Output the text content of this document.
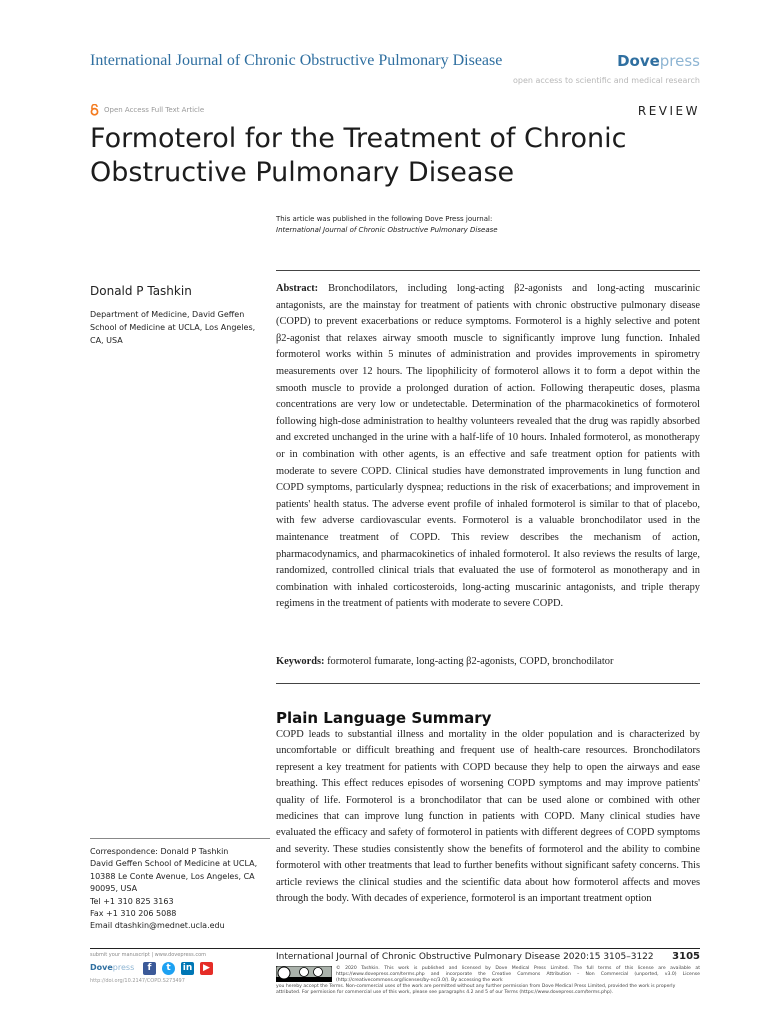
International Journal of Chronic Obstructive Pulmonary Disease	Dovepress
open access to scientific and medical research
Open Access Full Text Article	REVIEW
Formoterol for the Treatment of Chronic Obstructive Pulmonary Disease
This article was published in the following Dove Press journal:
International Journal of Chronic Obstructive Pulmonary Disease
Donald P Tashkin
Department of Medicine, David Geffen School of Medicine at UCLA, Los Angeles, CA, USA
Abstract: Bronchodilators, including long-acting β2-agonists and long-acting muscarinic antagonists, are the mainstay for treatment of patients with chronic obstructive pulmonary disease (COPD) to prevent exacerbations or reduce symptoms. Formoterol is a highly selective and potent β2-agonist that relaxes airway smooth muscle to significantly improve lung function. Inhaled formoterol works within 5 minutes of administration and provides improvements in spirometry measurements over 12 hours. The lipophilicity of formoterol allows it to form a depot within the smooth muscle to provide a prolonged duration of action. Following therapeutic doses, plasma concentrations are very low or undetectable. Determination of the pharmacokinetics of formoterol following high-dose administration to healthy volunteers revealed that the drug was rapidly absorbed and excreted unchanged in the urine with a half-life of 10 hours. Inhaled formoterol, as monotherapy or in combination with other agents, is an effective and safe treatment option for patients with moderate to severe COPD. Clinical studies have demonstrated improvements in lung function and COPD symptoms, particularly dyspnea; reductions in the risk of exacerbations; and improvement in patients' health status. The adverse event profile of inhaled formoterol is similar to that of placebo, with few adverse cardiovascular events. Formoterol is a valuable bronchodilator used in the maintenance treatment of COPD. This review describes the mechanism of action, pharmacodynamics, and pharmacokinetics of inhaled formoterol. It also reviews the results of large, randomized, controlled clinical trials that evaluated the use of formoterol as monotherapy and in combination with inhaled corticosteroids, long-acting muscarinic antagonists, and triple therapy regimens in the treatment of patients with moderate to severe COPD.
Keywords: formoterol fumarate, long-acting β2-agonists, COPD, bronchodilator
Plain Language Summary
COPD leads to substantial illness and mortality in the older population and is characterized by uncomfortable or difficult breathing and frequent use of health-care resources. Bronchodilators represent a key treatment for patients with COPD because they help to open the airways and ease breathing. This effect reduces episodes of worsening COPD symptoms and may improve patients' quality of life. Formoterol is a bronchodilator that can be used alone or combined with other medicines that can improve lung function in patients with COPD. Many clinical studies have evaluated the efficacy and safety of formoterol in patients with different degrees of COPD symptoms and severity. These studies consistently show the benefits of formoterol and the ability to combine formoterol with other treatments that lead to further benefits without significant safety concerns. This article reviews the clinical studies and the scientific data about how formoterol affects and moves through the body. With decades of experience, formoterol is an important treatment option
Correspondence: Donald P Tashkin
David Geffen School of Medicine at UCLA, 10388 Le Conte Avenue, Los Angeles, CA 90095, USA
Tel +1 310 825 3163
Fax +1 310 206 5088
Email dtashkin@mednet.ucla.edu
submit your manuscript | www.dovepress.com
Dovepress	f	t	in	▶
http://doi.org/10.2147/COPD.S273497
International Journal of Chronic Obstructive Pulmonary Disease 2020:15 3105–3122 3105
© 2020 Tashkin. This work is published and licensed by Dove Medical Press Limited. The full terms of this license are available at https://www.dovepress.com/terms.php and incorporate the Creative Commons Attribution – Non Commercial (unported, v3.0) License (http://creativecommons.org/licenses/by-nc/3.0/). By accessing the work
you hereby accept the Terms. Non-commercial uses of the work are permitted without any further permission from Dove Medical Press Limited, provided the work is properly attributed. For permission for commercial use of this work, please see paragraphs 4.2 and 5 of our Terms (https://www.dovepress.com/terms.php).
